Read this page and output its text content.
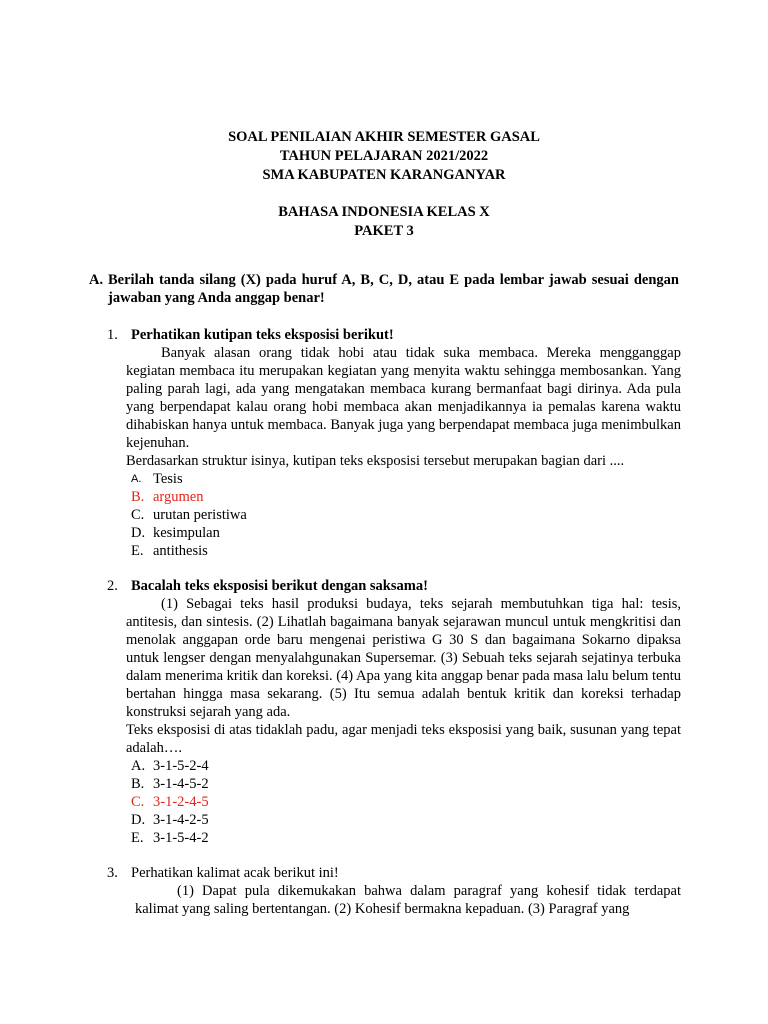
SOAL PENILAIAN AKHIR SEMESTER GASAL
TAHUN PELAJARAN 2021/2022
SMA KABUPATEN KARANGANYAR
BAHASA INDONESIA KELAS X
PAKET 3
A. Berilah tanda silang (X) pada huruf A, B, C, D, atau E pada lembar jawab sesuai dengan jawaban yang Anda anggap benar!
1. Perhatikan kutipan teks eksposisi berikut!
Banyak alasan orang tidak hobi atau tidak suka membaca. Mereka mengganggap kegiatan membaca itu merupakan kegiatan yang menyita waktu sehingga membosankan. Yang paling parah lagi, ada yang mengatakan membaca kurang bermanfaat bagi dirinya. Ada pula yang berpendapat kalau orang hobi membaca akan menjadikannya ia pemalas karena waktu dihabiskan hanya untuk membaca. Banyak juga yang berpendapat membaca juga menimbulkan kejenuhan.
Berdasarkan struktur isinya, kutipan teks eksposisi tersebut merupakan bagian dari ....
A. Tesis
B. argumen
C. urutan peristiwa
D. kesimpulan
E. antithesis
2. Bacalah teks eksposisi berikut dengan saksama!
(1) Sebagai teks hasil produksi budaya, teks sejarah membutuhkan tiga hal: tesis, antitesis, dan sintesis. (2) Lihatlah bagaimana banyak sejarawan muncul untuk mengkritisi dan menolak anggapan orde baru mengenai peristiwa G 30 S dan bagaimana Sokarno dipaksa untuk lengser dengan menyalahgunakan Supersemar. (3) Sebuah teks sejarah sejatinya terbuka dalam menerima kritik dan koreksi. (4) Apa yang kita anggap benar pada masa lalu belum tentu bertahan hingga masa sekarang. (5) Itu semua adalah bentuk kritik dan koreksi terhadap konstruksi sejarah yang ada.
Teks eksposisi di atas tidaklah padu, agar menjadi teks eksposisi yang baik, susunan yang tepat adalah….
A. 3-1-5-2-4
B. 3-1-4-5-2
C. 3-1-2-4-5
D. 3-1-4-2-5
E. 3-1-5-4-2
3. Perhatikan kalimat acak berikut ini!
(1) Dapat pula dikemukakan bahwa dalam paragraf yang kohesif tidak terdapat kalimat yang saling bertentangan. (2) Kohesif bermakna kepaduan. (3) Paragraf yang
